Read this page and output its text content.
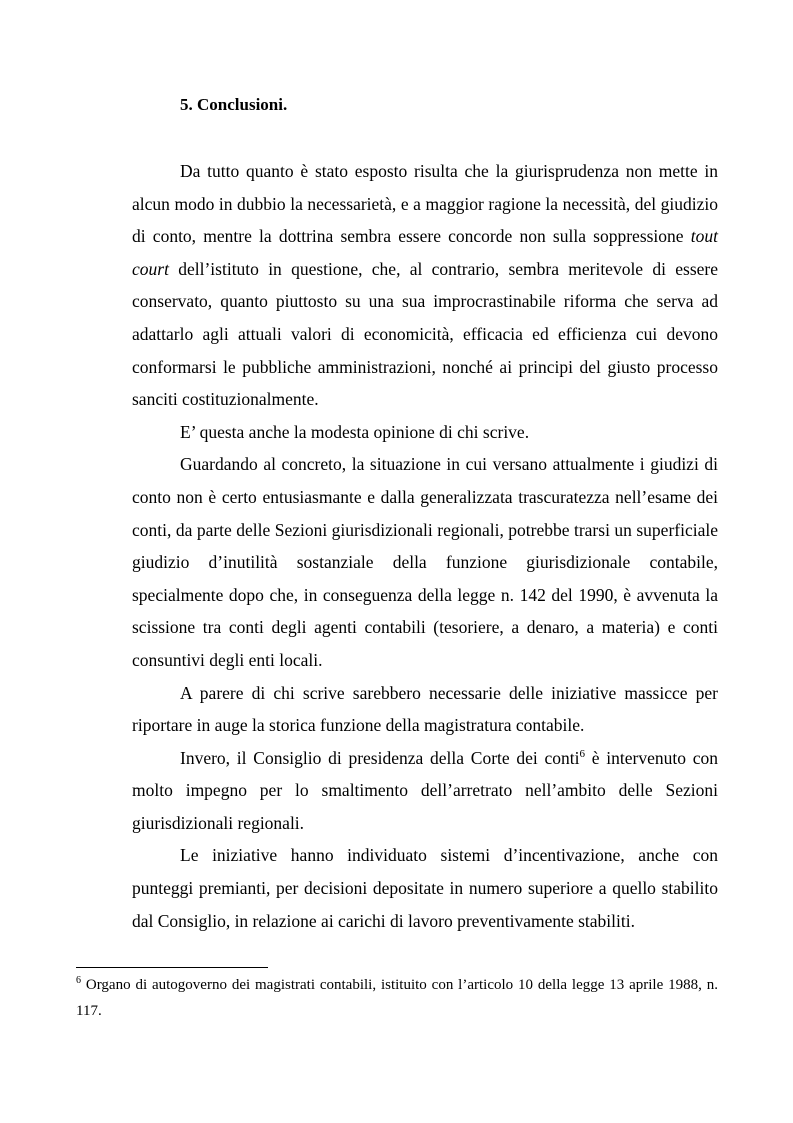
5. Conclusioni.

Da tutto quanto è stato esposto risulta che la giurisprudenza non mette in alcun modo in dubbio la necessarietà, e a maggior ragione la necessità, del giudizio di conto, mentre la dottrina sembra essere concorde non sulla soppressione tout court dell’istituto in questione, che, al contrario, sembra meritevole di essere conservato, quanto piuttosto su una sua improcrastinabile riforma che serva ad adattarlo agli attuali valori di economicità, efficacia ed efficienza cui devono conformarsi le pubbliche amministrazioni, nonché ai principi del giusto processo sanciti costituzionalmente.

E’ questa anche la modesta opinione di chi scrive.

Guardando al concreto, la situazione in cui versano attualmente i giudizi di conto non è certo entusiasmante e dalla generalizzata trascuratezza nell’esame dei conti, da parte delle Sezioni giurisdizionali regionali, potrebbe trarsi un superficiale giudizio d’inutilità sostanziale della funzione giurisdizionale contabile, specialmente dopo che, in conseguenza della legge n. 142 del 1990, è avvenuta la scissione tra conti degli agenti contabili (tesoriere, a denaro, a materia) e conti consuntivi degli enti locali.

A parere di chi scrive sarebbero necessarie delle iniziative massicce per riportare in auge la storica funzione della magistratura contabile.

Invero, il Consiglio di presidenza della Corte dei conti$^6$ è intervenuto con molto impegno per lo smaltimento dell’arretrato nell’ambito delle Sezioni giurisdizionali regionali.

Le iniziative hanno individuato sistemi d’incentivazione, anche con punteggi premianti, per decisioni depositate in numero superiore a quello stabilito dal Consiglio, in relazione ai carichi di lavoro preventivamente stabiliti.

$^6$ Organo di autogoverno dei magistrati contabili, istituito con l’articolo 10 della legge 13 aprile 1988, n. 117.
